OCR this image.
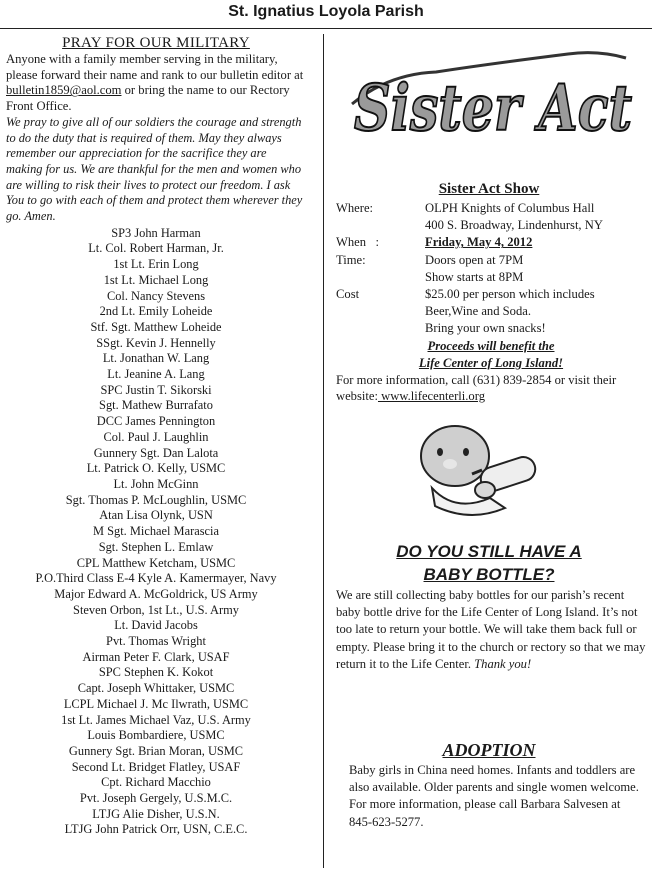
St. Ignatius Loyola Parish
PRAY FOR OUR MILITARY

Anyone with a family member serving in the military, please forward their name and rank to our bulletin editor at bulletin1859@aol.com or bring the name to our Rectory Front Office.

We pray to give all of our soldiers the courage and strength to do the duty that is required of them. May they always remember our appreciation for the sacrifice they are making for us. We are thankful for the men and women who are willing to risk their lives to protect our freedom. I ask You to go with each of them and protect them wherever they go. Amen.

SP3 John Harman
Lt. Col. Robert Harman, Jr.
1st Lt. Erin Long
1st Lt. Michael Long
Col. Nancy Stevens
2nd Lt. Emily Loheide
Stf. Sgt. Matthew Loheide
SSgt. Kevin J. Hennelly
Lt. Jonathan W. Lang
Lt. Jeanine A. Lang
SPC Justin T. Sikorski
Sgt. Mathew Burrafato
DCC James Pennington
Col. Paul J. Laughlin
Gunnery Sgt. Dan Lalota
Lt. Patrick O. Kelly, USMC
Lt. John McGinn
Sgt. Thomas P. McLoughlin, USMC
Atan Lisa Olynk, USN
M Sgt. Michael Marascia
Sgt. Stephen L. Emlaw
CPL Matthew Ketcham, USMC
P.O.Third Class E-4 Kyle A. Kamermayer, Navy
Major Edward A. McGoldrick, US Army
Steven Orbon, 1st Lt., U.S. Army
Lt. David Jacobs
Pvt. Thomas Wright
Airman Peter F. Clark, USAF
SPC Stephen K. Kokot
Capt. Joseph Whittaker, USMC
LCPL Michael J. Mc Ilwrath, USMC
1st Lt. James Michael Vaz, U.S. Army
Louis Bombardiere, USMC
Gunnery Sgt. Brian Moran, USMC
Second Lt. Bridget Flatley, USAF
Cpt. Richard Macchio
Pvt. Joseph Gergely, U.S.M.C.
LTJG Alie Disher, U.S.N.
LTJG John Patrick Orr, USN, C.E.C.
Sister Act
Sister Act Show
Where:	OLPH Knights of Columbus Hall
400 S. Broadway, Lindenhurst, NY
When   :	Friday, May 4, 2012
Time:	Doors open at 7PM
Show starts at 8PM
Cost	$25.00 per person which includes
Beer,Wine and Soda.
Bring your own snacks!
Proceeds will benefit the
Life Center of Long Island!
For more information, call (631) 839-2854 or visit their website: www.lifecenterli.org
DO YOU STILL HAVE A
BABY BOTTLE?

We are still collecting baby bottles for our parish’s recent baby bottle drive for the Life Center of Long Island. It’s not too late to return your bottle. We will take them back full or empty. Please bring it to the church or rectory so that we may return it to the Life Center. Thank you!

ADOPTION

Baby girls in China need homes. Infants and toddlers are also available. Older parents and single women welcome. For more information, please call Barbara Salvesen at 845-623-5277.
